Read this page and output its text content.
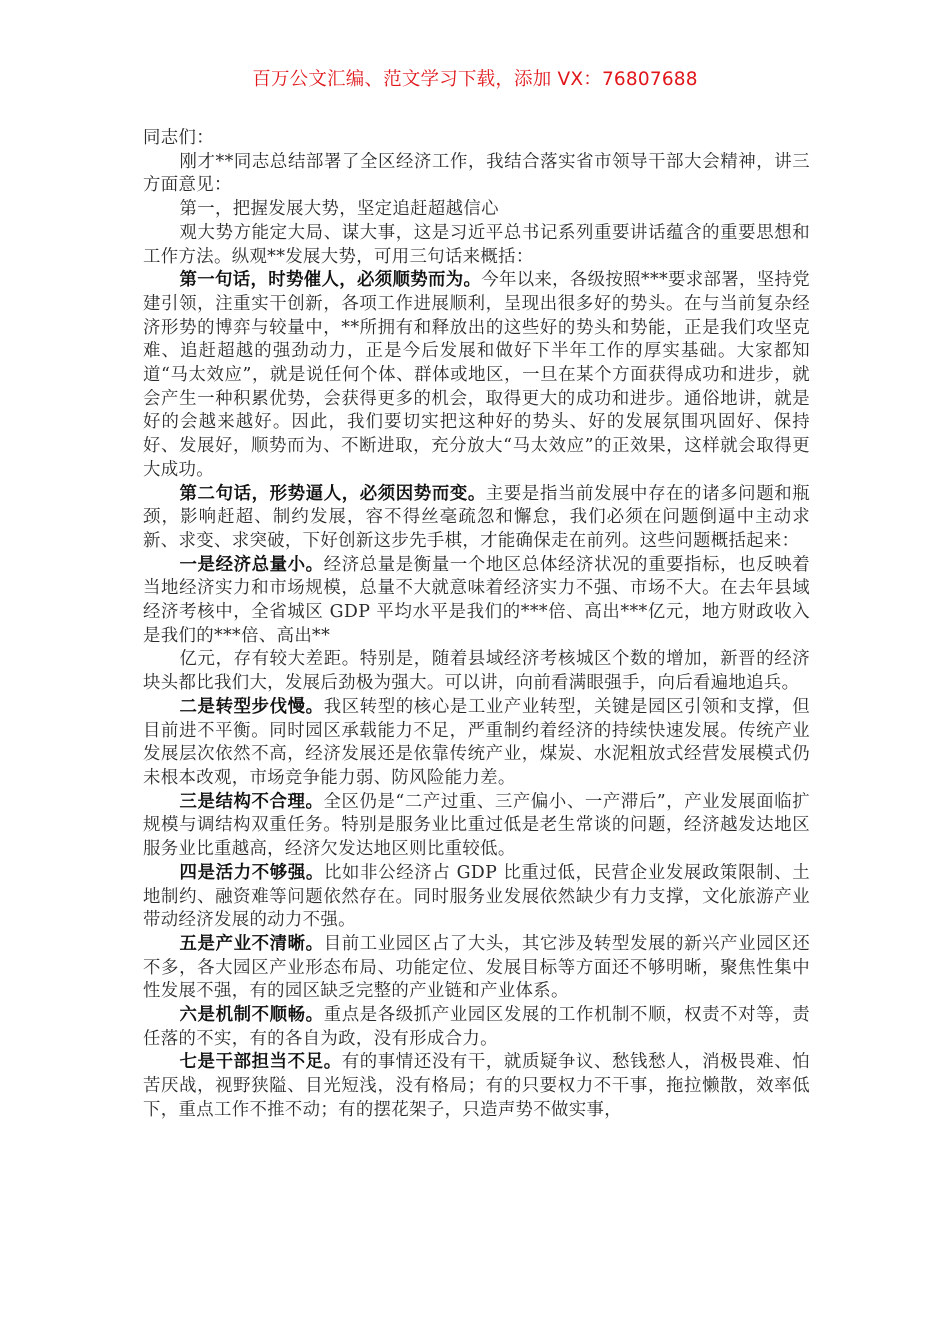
百万公文汇编、范文学习下载，添加 VX：76807688

同志们：

刚才**同志总结部署了全区经济工作，我结合落实省市领导干部大会精神，讲三方面意见：

第一，把握发展大势，坚定追赶超越信心

观大势方能定大局、谋大事，这是习近平总书记系列重要讲话蕴含的重要思想和工作方法。纵观**发展大势，可用三句话来概括：

第一句话，时势催人，必须顺势而为。今年以来，各级按照***要求部署，坚持党建引领，注重实干创新，各项工作进展顺利，呈现出很多好的势头。在与当前复杂经济形势的博弈与较量中，**所拥有和释放出的这些好的势头和势能，正是我们攻坚克难、追赶超越的强劲动力，正是今后发展和做好下半年工作的厚实基础。大家都知道“马太效应”，就是说任何个体、群体或地区，一旦在某个方面获得成功和进步，就会产生一种积累优势，会获得更多的机会，取得更大的成功和进步。通俗地讲，就是好的会越来越好。因此，我们要切实把这种好的势头、好的发展氛围巩固好、保持好、发展好，顺势而为、不断进取，充分放大“马太效应”的正效果，这样就会取得更大成功。

第二句话，形势逼人，必须因势而变。主要是指当前发展中存在的诸多问题和瓶颈，影响赶超、制约发展，容不得丝毫疏忽和懈怠，我们必须在问题倒逼中主动求新、求变、求突破，下好创新这步先手棋，才能确保走在前列。这些问题概括起来：

一是经济总量小。经济总量是衡量一个地区总体经济状况的重要指标，也反映着当地经济实力和市场规模，总量不大就意味着经济实力不强、市场不大。在去年县域经济考核中，全省城区 GDP 平均水平是我们的***倍、高出***亿元，地方财政收入是我们的***倍、高出**
亿元，存有较大差距。特别是，随着县域经济考核城区个数的增加，新晋的经济块头都比我们大，发展后劲极为强大。可以讲，向前看满眼强手，向后看遍地追兵。

二是转型步伐慢。我区转型的核心是工业产业转型，关键是园区引领和支撑，但目前进不平衡。同时园区承载能力不足，严重制约着经济的持续快速发展。传统产业发展层次依然不高，经济发展还是依靠传统产业，煤炭、水泥粗放式经营发展模式仍未根本改观，市场竞争能力弱、防风险能力差。

三是结构不合理。全区仍是“二产过重、三产偏小、一产滞后”，产业发展面临扩规模与调结构双重任务。特别是服务业比重过低是老生常谈的问题，经济越发达地区服务业比重越高，经济欠发达地区则比重较低。

四是活力不够强。比如非公经济占 GDP 比重过低，民营企业发展政策限制、土地制约、融资难等问题依然存在。同时服务业发展依然缺少有力支撑，文化旅游产业带动经济发展的动力不强。

五是产业不清晰。目前工业园区占了大头，其它涉及转型发展的新兴产业园区还不多，各大园区产业形态布局、功能定位、发展目标等方面还不够明晰，聚焦性集中性发展不强，有的园区缺乏完整的产业链和产业体系。

六是机制不顺畅。重点是各级抓产业园区发展的工作机制不顺，权责不对等，责任落的不实，有的各自为政，没有形成合力。

七是干部担当不足。有的事情还没有干，就质疑争议、愁钱愁人，消极畏难、怕苦厌战，视野狭隘、目光短浅，没有格局；有的只要权力不干事，拖拉懒散，效率低下，重点工作不推不动；有的摆花架子，只造声势不做实事，
